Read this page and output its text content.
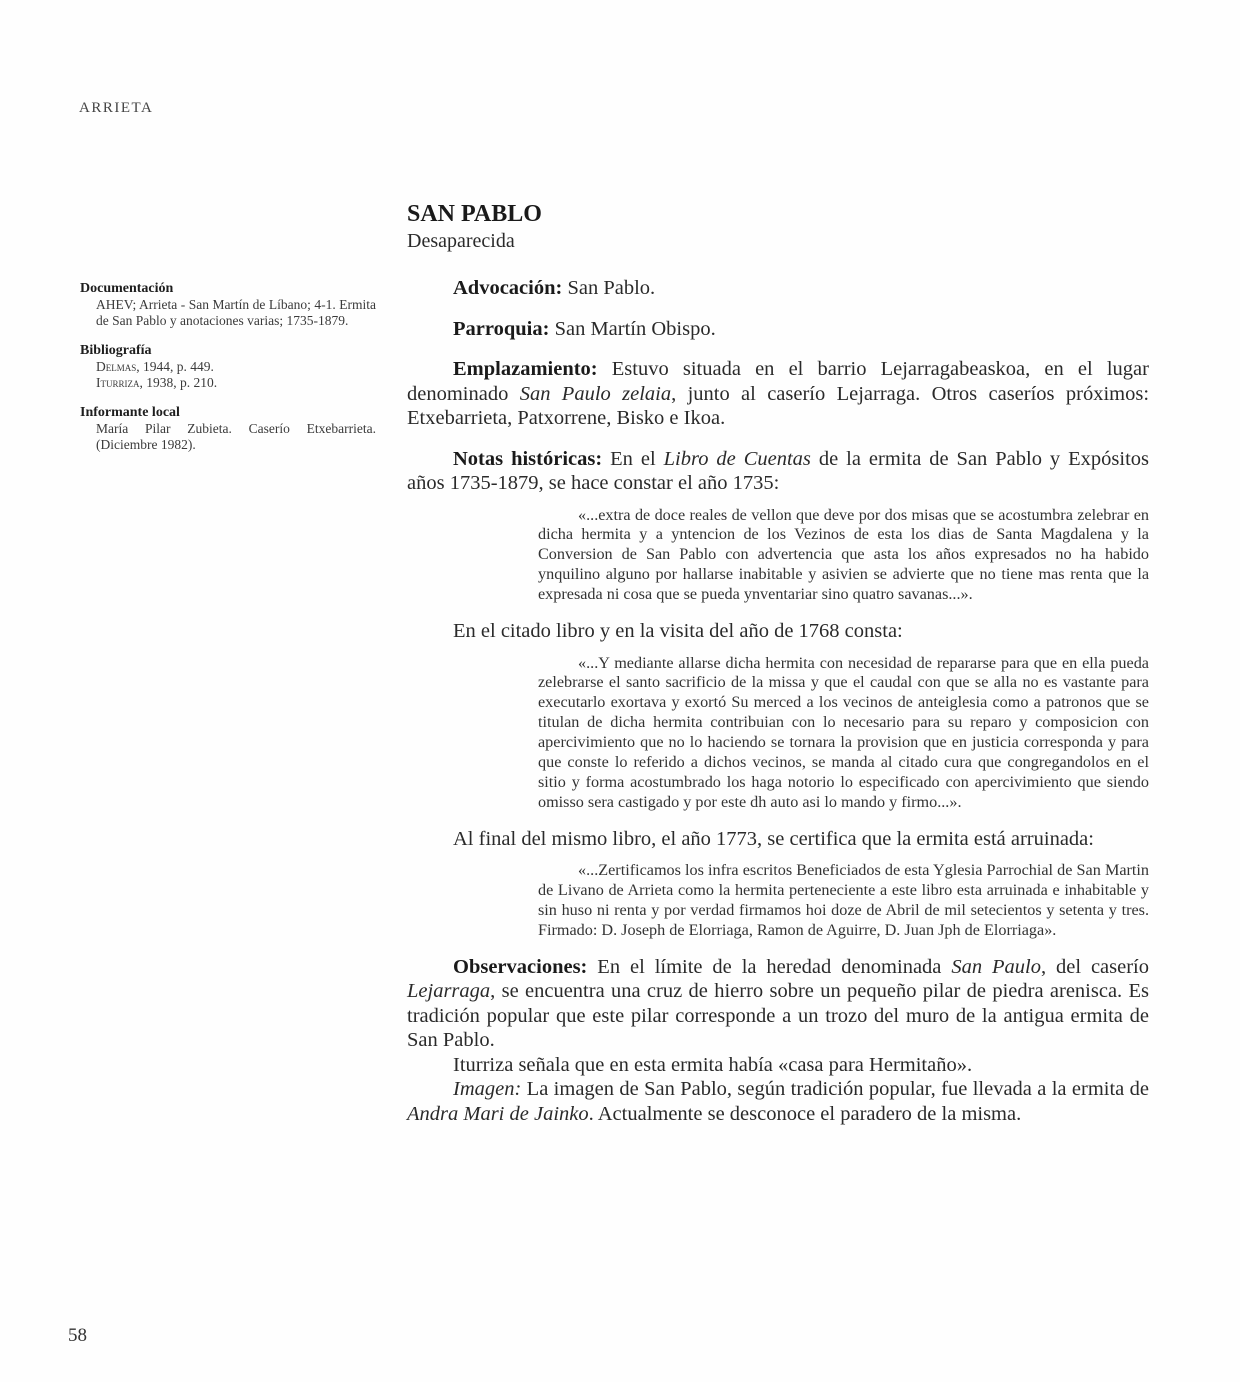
ARRIETA
Documentación
AHEV; Arrieta - San Martín de Líbano; 4-1. Ermita de San Pablo y anotaciones varias; 1735-1879.
Bibliografía
Delmas, 1944, p. 449.
Iturriza, 1938, p. 210.
Informante local
María Pilar Zubieta. Caserío Etxebarrieta. (Diciembre 1982).
SAN PABLO
Desaparecida
Advocación: San Pablo.
Parroquia: San Martín Obispo.
Emplazamiento: Estuvo situada en el barrio Lejarragabeaskoa, en el lugar denominado San Paulo zelaia, junto al caserío Lejarraga. Otros caseríos próximos: Etxebarrieta, Patxorrene, Bisko e Ikoa.
Notas históricas: En el Libro de Cuentas de la ermita de San Pablo y Expósitos años 1735-1879, se hace constar el año 1735:
«...extra de doce reales de vellon que deve por dos misas que se acostumbra zelebrar en dicha hermita y a yntencion de los Vezinos de esta los dias de Santa Magdalena y la Conversion de San Pablo con advertencia que asta los años expresados no ha habido ynquilino alguno por hallarse inabitable y asivien se advierte que no tiene mas renta que la expresada ni cosa que se pueda ynventariar sino quatro savanas...».
En el citado libro y en la visita del año de 1768 consta:
«...Y mediante allarse dicha hermita con necesidad de repararse para que en ella pueda zelebrarse el santo sacrificio de la missa y que el caudal con que se alla no es vastante para executarlo exortava y exortó Su merced a los vecinos de anteiglesia como a patronos que se titulan de dicha hermita contribuian con lo necesario para su reparo y composicion con apercivimiento que no lo haciendo se tornara la provision que en justicia corresponda y para que conste lo referido a dichos vecinos, se manda al citado cura que congregandolos en el sitio y forma acostumbrado los haga notorio lo especificado con apercivimiento que siendo omisso sera castigado y por este dh auto asi lo mando y firmo...».
Al final del mismo libro, el año 1773, se certifica que la ermita está arruinada:
«...Zertificamos los infra escritos Beneficiados de esta Yglesia Parrochial de San Martin de Livano de Arrieta como la hermita perteneciente a este libro esta arruinada e inhabitable y sin huso ni renta y por verdad firmamos hoi doze de Abril de mil setecientos y setenta y tres. Firmado: D. Joseph de Elorriaga, Ramon de Aguirre, D. Juan Jph de Elorriaga».
Observaciones: En el límite de la heredad denominada San Paulo, del caserío Lejarraga, se encuentra una cruz de hierro sobre un pequeño pilar de piedra arenisca. Es tradición popular que este pilar corresponde a un trozo del muro de la antigua ermita de San Pablo.
Iturriza señala que en esta ermita había «casa para Hermitaño».
Imagen: La imagen de San Pablo, según tradición popular, fue llevada a la ermita de Andra Mari de Jainko. Actualmente se desconoce el paradero de la misma.
58
